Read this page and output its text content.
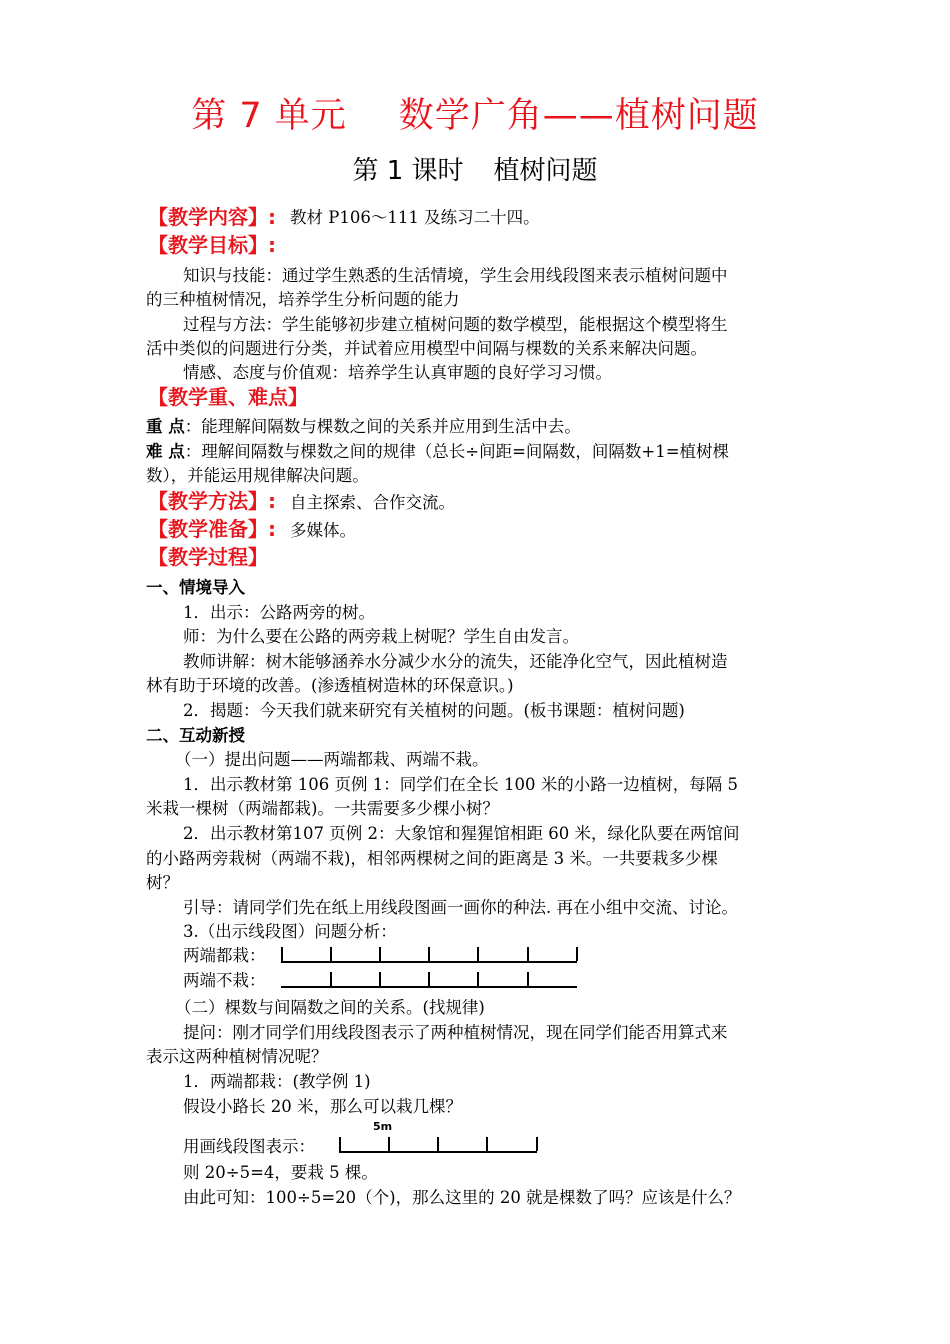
第 7 单元 数学广角——植树问题
第 1 课时 植树问题
【教学内容】: 教材 P106～111 及练习二十四。
【教学目标】:
知识与技能：通过学生熟悉的生活情境，学生会用线段图来表示植树问题中
的三种植树情况，培养学生分析问题的能力
过程与方法：学生能够初步建立植树问题的数学模型，能根据这个模型将生
活中类似的问题进行分类，并试着应用模型中间隔与棵数的关系来解决问题。
情感、态度与价值观：培养学生认真审题的良好学习习惯。
【教学重、难点】
重 点：能理解间隔数与棵数之间的关系并应用到生活中去。
难 点：理解间隔数与棵数之间的规律（总长÷间距=间隔数，间隔数+1=植树棵
数），并能运用规律解决问题。
【教学方法】: 自主探索、合作交流。
【教学准备】: 多媒体。
【教学过程】
一、情境导入
1．出示：公路两旁的树。
师：为什么要在公路的两旁栽上树呢？学生自由发言。
教师讲解：树木能够涵养水分减少水分的流失，还能净化空气，因此植树造
林有助于环境的改善。(渗透植树造林的环保意识。)
2．揭题：今天我们就来研究有关植树的问题。(板书课题：植树问题)
二、互动新授
（一）提出问题——两端都栽、两端不栽。
1．出示教材第 106 页例 1：同学们在全长 100 米的小路一边植树，每隔 5
米栽一棵树（两端都栽)。一共需要多少棵小树？
2．出示教材第107 页例 2：大象馆和猩猩馆相距 60 米，绿化队要在两馆间
的小路两旁栽树（两端不栽)，相邻两棵树之间的距离是 3 米。一共要栽多少棵
树？
引导：请同学们先在纸上用线段图画一画你的种法. 再在小组中交流、讨论。
3.（出示线段图）问题分析：
两端都栽：
两端不栽：
（二）棵数与间隔数之间的关系。(找规律)
提问：刚才同学们用线段图表示了两种植树情况，现在同学们能否用算式来
表示这两种植树情况呢？
1．两端都栽：(教学例 1)
假设小路长 20 米，那么可以栽几棵？
用画线段图表示：
5m
则 20÷5=4，要栽 5 棵。
由此可知：100÷5=20（个)，那么这里的 20 就是棵数了吗？应该是什么？
